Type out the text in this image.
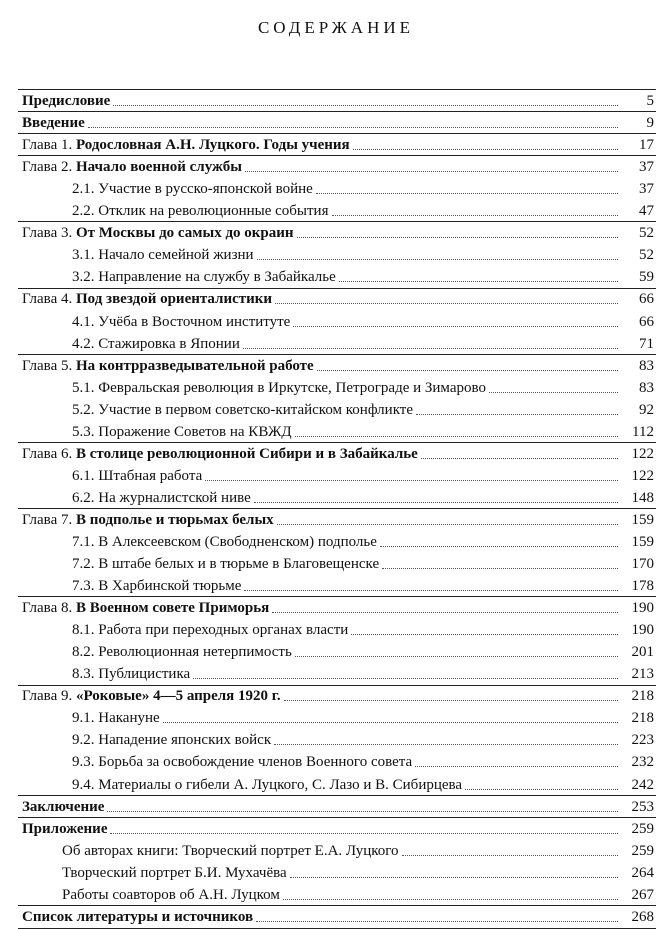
СОДЕРЖАНИЕ
Предисловие	5
Введение	9
Глава 1. Родословная А.Н. Луцкого. Годы учения	17
Глава 2. Начало военной службы	37
2.1. Участие в русско-японской войне	37
2.2. Отклик на революционные события	47
Глава 3. От Москвы до самых до окраин	52
3.1. Начало семейной жизни	52
3.2. Направление на службу в Забайкалье	59
Глава 4. Под звездой ориенталистики	66
4.1. Учёба в Восточном институте	66
4.2. Стажировка в Японии	71
Глава 5. На контрразведывательной работе	83
5.1. Февральская революция в Иркутске, Петрограде и Зимарово	83
5.2. Участие в первом советско-китайском конфликте	92
5.3. Поражение Советов на КВЖД	112
Глава 6. В столице революционной Сибири и в Забайкалье	122
6.1. Штабная работа	122
6.2. На журналистской ниве	148
Глава 7. В подполье и тюрьмах белых	159
7.1. В Алексеевском (Свободненском) подполье	159
7.2. В штабе белых и в тюрьме в Благовещенске	170
7.3. В Харбинской тюрьме	178
Глава 8. В Военном совете Приморья	190
8.1. Работа при переходных органах власти	190
8.2. Революционная нетерпимость	201
8.3. Публицистика	213
Глава 9. «Роковые» 4—5 апреля 1920 г.	218
9.1. Накануне	218
9.2. Нападение японских войск	223
9.3. Борьба за освобождение членов Военного совета	232
9.4. Материалы о гибели А. Луцкого, С. Лазо и В. Сибирцева	242
Заключение	253
Приложение	259
Об авторах книги: Творческий портрет Е.А. Луцкого	259
Творческий портрет Б.И. Мухачёва	264
Работы соавторов об А.Н. Луцком	267
Список литературы и источников	268
